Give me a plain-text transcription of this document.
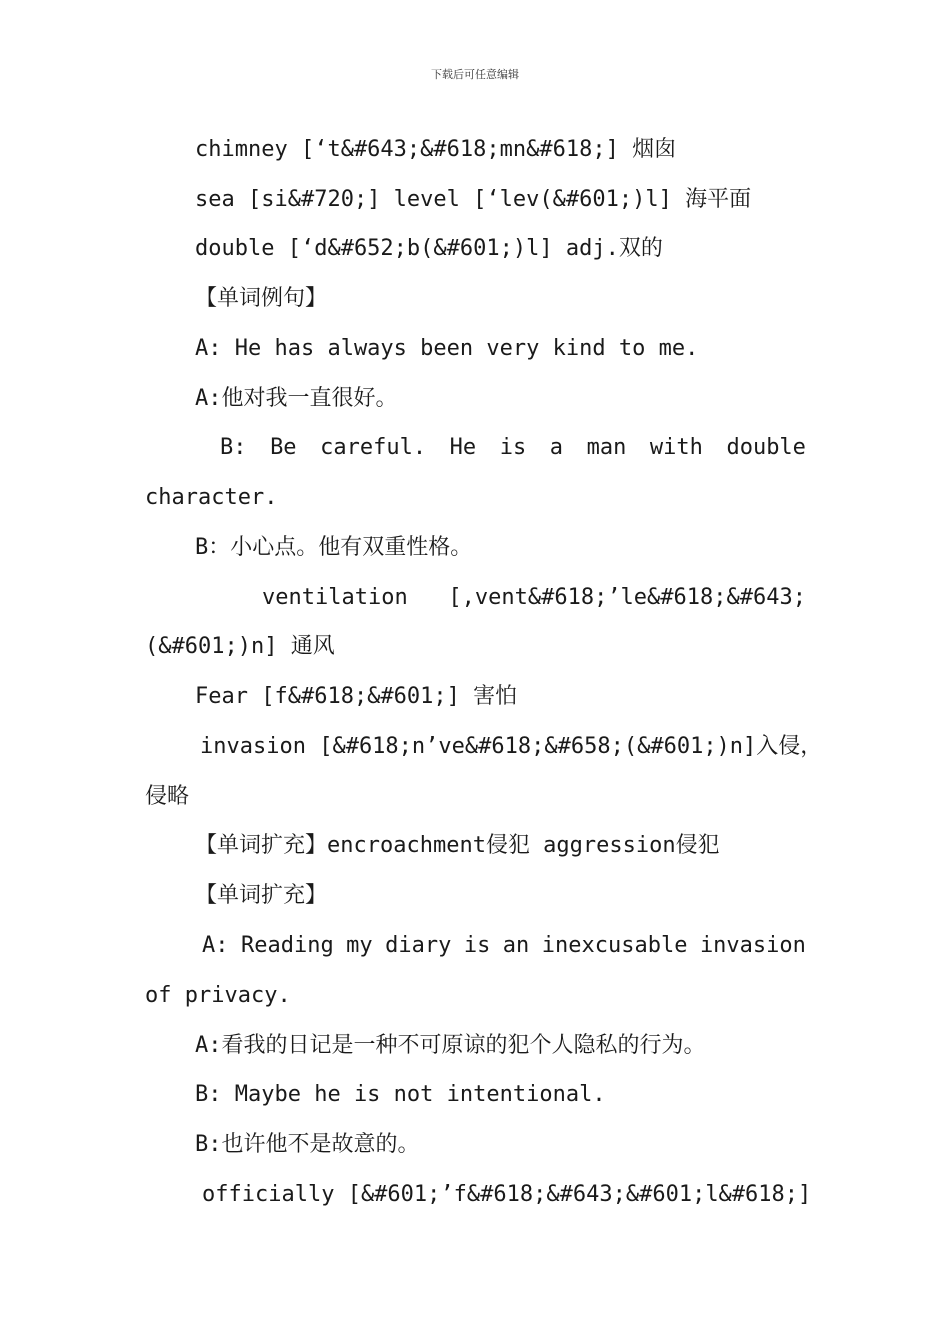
下载后可任意编辑
chimney [‘t&#643;&#618;mn&#618;] 烟囱
sea [si&#720;] level [‘lev(&#601;)l] 海平面
double [‘d&#652;b(&#601;)l] adj.双的
【单词例句】
A: He has always been very kind to me.
A:他对我一直很好。
B: Be careful. He is a man with double
character.
B：小心点。他有双重性格。
ventilation [,vent&#618;’le&#618;&#643;
(&#601;)n] 通风
Fear [f&#618;&#601;] 害怕
invasion [&#618;n’ve&#618;&#658;(&#601;)n]入侵，
侵略
【单词扩充】encroachment侵犯 aggression侵犯
【单词扩充】
A: Reading my diary is an inexcusable invasion
of privacy.
A:看我的日记是一种不可原谅的犯个人隐私的行为。
B: Maybe he is not intentional.
B:也许他不是故意的。
officially [&#601;’f&#618;&#643;&#601;l&#618;]
